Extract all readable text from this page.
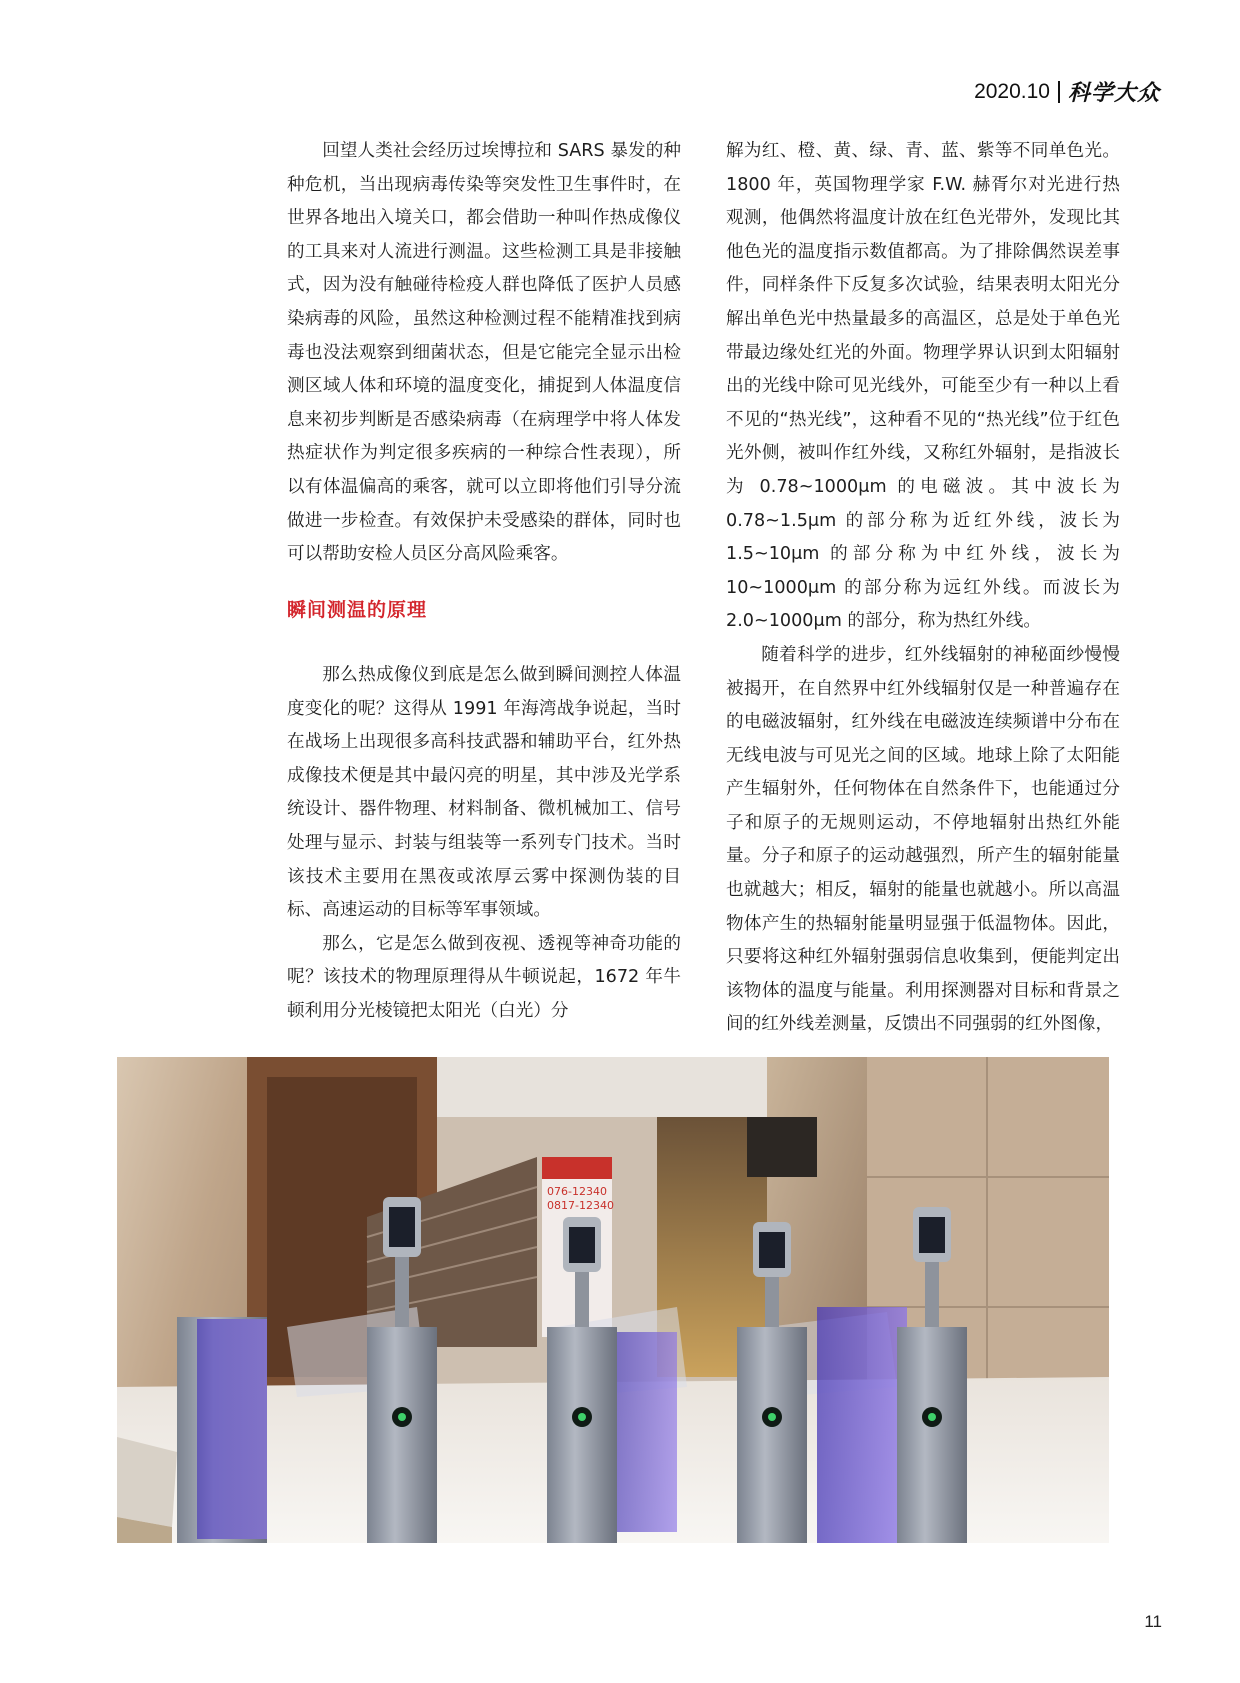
2020.10 科学大众

回望人类社会经历过埃博拉和 SARS 暴发的种种危机，当出现病毒传染等突发性卫生事件时，在世界各地出入境关口，都会借助一种叫作热成像仪的工具来对人流进行测温。这些检测工具是非接触式，因为没有触碰待检疫人群也降低了医护人员感染病毒的风险，虽然这种检测过程不能精准找到病毒也没法观察到细菌状态，但是它能完全显示出检测区域人体和环境的温度变化，捕捉到人体温度信息来初步判断是否感染病毒（在病理学中将人体发热症状作为判定很多疾病的一种综合性表现），所以有体温偏高的乘客，就可以立即将他们引导分流做进一步检查。有效保护未受感染的群体，同时也可以帮助安检人员区分高风险乘客。

瞬间测温的原理

那么热成像仪到底是怎么做到瞬间测控人体温度变化的呢？这得从 1991 年海湾战争说起，当时在战场上出现很多高科技武器和辅助平台，红外热成像技术便是其中最闪亮的明星，其中涉及光学系统设计、器件物理、材料制备、微机械加工、信号处理与显示、封装与组装等一系列专门技术。当时该技术主要用在黑夜或浓厚云雾中探测伪装的目标、高速运动的目标等军事领域。

那么，它是怎么做到夜视、透视等神奇功能的呢？该技术的物理原理得从牛顿说起，1672 年牛顿利用分光棱镜把太阳光（白光）分

解为红、橙、黄、绿、青、蓝、紫等不同单色光。1800 年，英国物理学家 F.W. 赫胥尔对光进行热观测，他偶然将温度计放在红色光带外，发现比其他色光的温度指示数值都高。为了排除偶然误差事件，同样条件下反复多次试验，结果表明太阳光分解出单色光中热量最多的高温区，总是处于单色光带最边缘处红光的外面。物理学界认识到太阳辐射出的光线中除可见光线外，可能至少有一种以上看不见的“热光线”，这种看不见的“热光线”位于红色光外侧，被叫作红外线，又称红外辐射，是指波长为 0.78~1000μm 的电磁波。其中波长为 0.78~1.5μm 的部分称为近红外线，波长为 1.5~10μm 的部分称为中红外线，波长为 10~1000μm 的部分称为远红外线。而波长为 2.0~1000μm 的部分，称为热红外线。

随着科学的进步，红外线辐射的神秘面纱慢慢被揭开，在自然界中红外线辐射仅是一种普遍存在的电磁波辐射，红外线在电磁波连续频谱中分布在无线电波与可见光之间的区域。地球上除了太阳能产生辐射外，任何物体在自然条件下，也能通过分子和原子的无规则运动，不停地辐射出热红外能量。分子和原子的运动越强烈，所产生的辐射能量也就越大；相反，辐射的能量也就越小。所以高温物体产生的热辐射能量明显强于低温物体。因此，只要将这种红外辐射强弱信息收集到，便能判定出该物体的温度与能量。利用探测器对目标和背景之间的红外线差测量，反馈出不同强弱的红外图像，

076-12340
0817-12340
11
